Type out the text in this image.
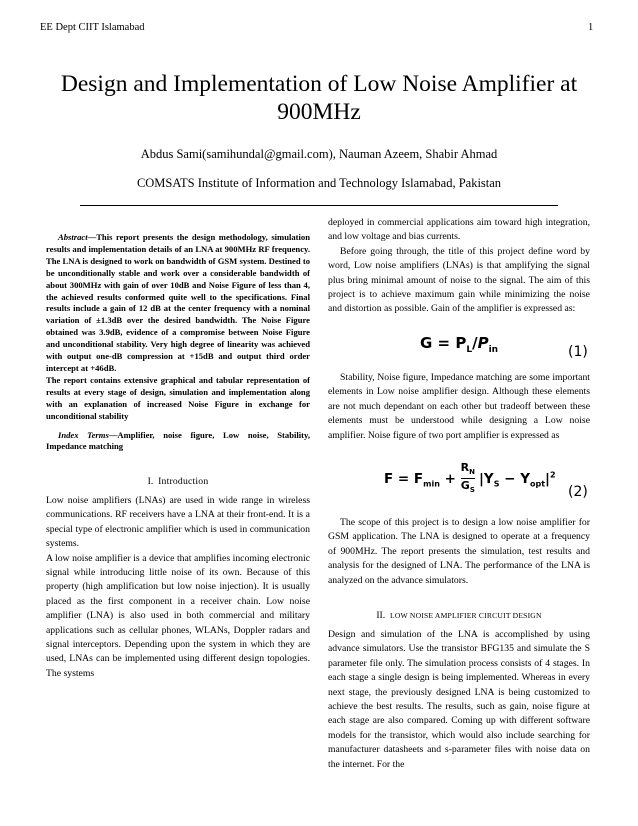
EE Dept CIIT Islamabad	1
Design and Implementation of Low Noise Amplifier at 900MHz
Abdus Sami(samihundal@gmail.com), Nauman Azeem, Shabir Ahmad
COMSATS Institute of Information and Technology Islamabad, Pakistan

Abstract—This report presents the design methodology, simulation results and implementation details of an LNA at 900MHz RF frequency. The LNA is designed to work on bandwidth of GSM system. Destined to be unconditionally stable and work over a considerable bandwidth of about 300MHz with gain of over 10dB and Noise Figure of less than 4, the achieved results conformed quite well to the specifications. Final results include a gain of 12 dB at the center frequency with a nominal variation of ±1.3dB over the desired bandwidth. The Noise Figure obtained was 3.9dB, evidence of a compromise between Noise Figure and unconditional stability. Very high degree of linearity was achieved with output one-dB compression at +15dB and output third order intercept at +46dB.

The report contains extensive graphical and tabular representation of results at every stage of design, simulation and implementation along with an explanation of increased Noise Figure in exchange for unconditional stability

Index Terms—Amplifier, noise figure, Low noise, Stability, Impedance matching

I. Introduction

Low noise amplifiers (LNAs) are used in wide range in wireless communications. RF receivers have a LNA at their front-end. It is a special type of electronic amplifier which is used in communication systems.

A low noise amplifier is a device that amplifies incoming electronic signal while introducing little noise of its own. Because of this property (high amplification but low noise injection). It is usually placed as the first component in a receiver chain. Low noise amplifier (LNA) is also used in both commercial and military applications such as cellular phones, WLANs, Doppler radars and signal interceptors. Depending upon the system in which they are used, LNAs can be implemented using different design topologies. The systems

deployed in commercial applications aim toward high integration, and low voltage and bias currents.

Before going through, the title of this project define word by word, Low noise amplifiers (LNAs) is that amplifying the signal plus bring minimal amount of noise to the signal. The aim of this project is to achieve maximum gain while minimizing the noise and distortion as possible. Gain of the amplifier is expressed as:

$G = P_L/P_{in}$	(1)

Stability, Noise figure, Impedance matching are some important elements in Low noise amplifier design. Although these elements are not much dependant on each other but tradeoff between these elements must be understood while designing a Low noise amplifier. Noise figure of two port amplifier is expressed as

$F = F_{min} + R_N$
$G_S$ $|Y_S - Y_{opt}|^2$
(2)

The scope of this project is to design a low noise amplifier for GSM application. The LNA is designed to operate at a frequency of 900MHz. The report presents the simulation, test results and analysis for the designed of LNA. The performance of the LNA is analyzed on the advance simulators.

II. LOW NOISE AMPLIFIER CIRCUIT DESIGN

Design and simulation of the LNA is accomplished by using advance simulators. Use the transistor BFG135 and simulate the S parameter file only. The simulation process consists of 4 stages. In each stage a single design is being implemented. Whereas in every next stage, the previously designed LNA is being customized to achieve the best results. The results, such as gain, noise figure at each stage are also compared. Coming up with different software models for the transistor, which would also include searching for manufacturer datasheets and s-parameter files with noise data on the internet. For the
